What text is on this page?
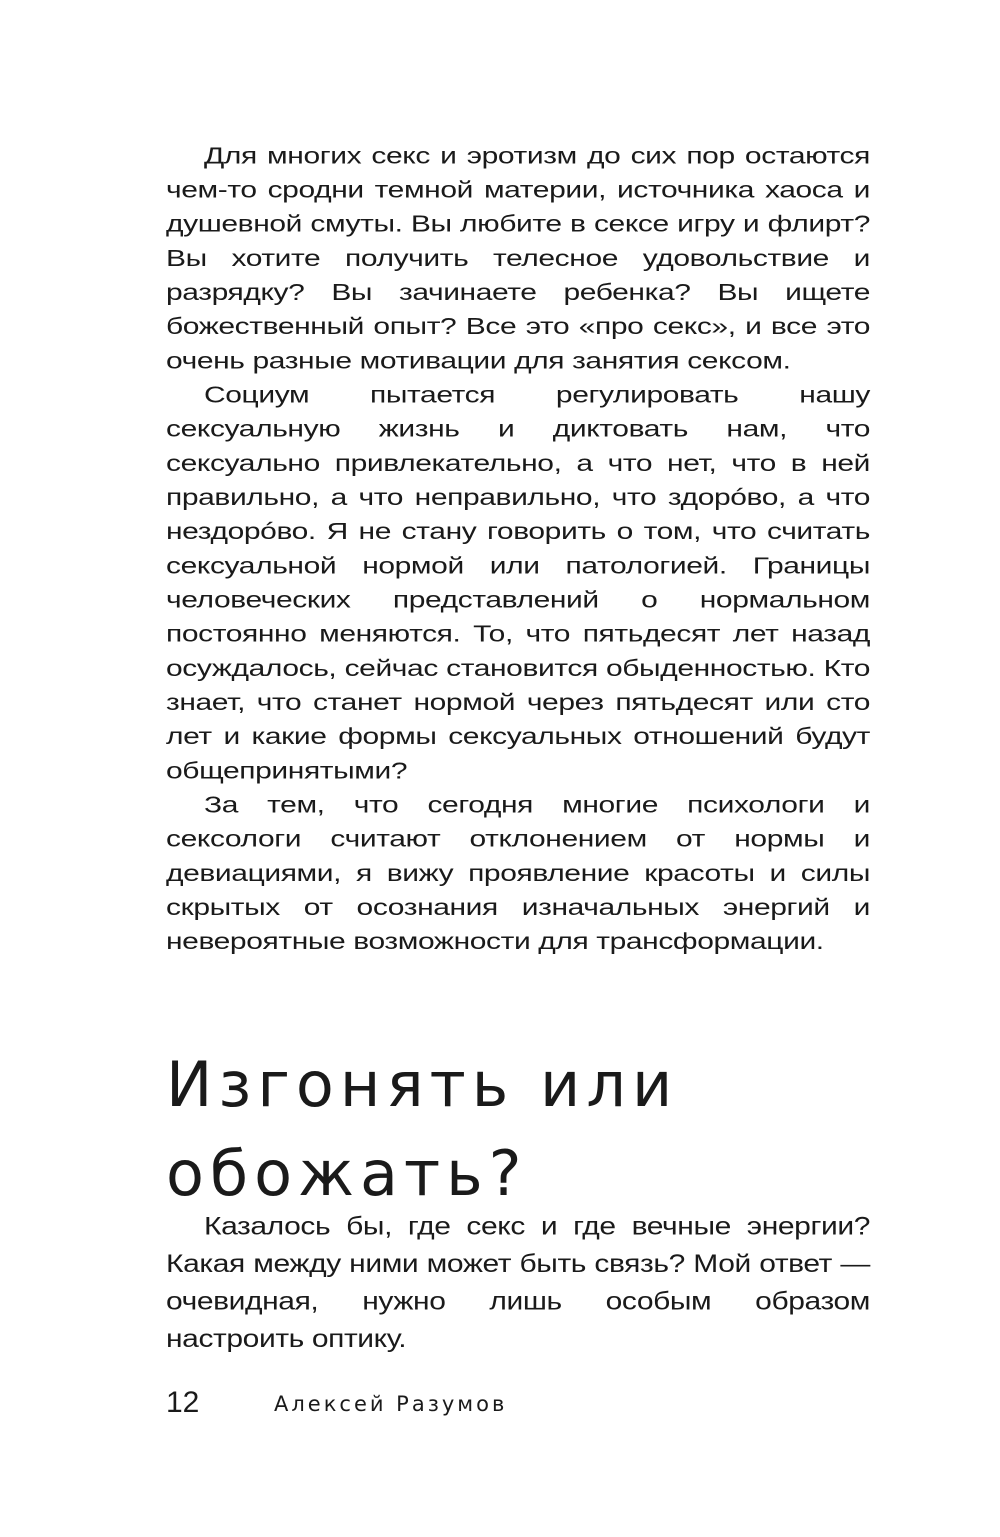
Для многих секс и эротизм до сих пор остаются чем-то сродни темной материи, источника хаоса и душевной смуты. Вы любите в сексе игру и флирт? Вы хотите получить телесное удовольствие и разрядку? Вы зачинаете ребенка? Вы ищете божественный опыт? Все это «про секс», и все это очень разные мотивации для занятия сексом.

Социум пытается регулировать нашу сексуальную жизнь и диктовать нам, что сексуально привлекательно, а что нет, что в ней правильно, а что неправильно, что здорóво, а что нездорóво. Я не стану говорить о том, что считать сексуальной нормой или патологией. Границы человеческих представлений о нормальном постоянно меняются. То, что пятьдесят лет назад осуждалось, сейчас становится обыденностью. Кто знает, что станет нормой через пятьдесят или сто лет и какие формы сексуальных отношений будут общепринятыми?

За тем, что сегодня многие психологи и сексологи считают отклонением от нормы и девиациями, я вижу проявление красоты и силы скрытых от осознания изначальных энергий и невероятные возможности для трансформации.

Изгонять или
обожать?

Казалось бы, где секс и где вечные энергии? Какая между ними может быть связь? Мой ответ — очевидная, нужно лишь особым образом настроить оптику.

12	Алексей Разумов
